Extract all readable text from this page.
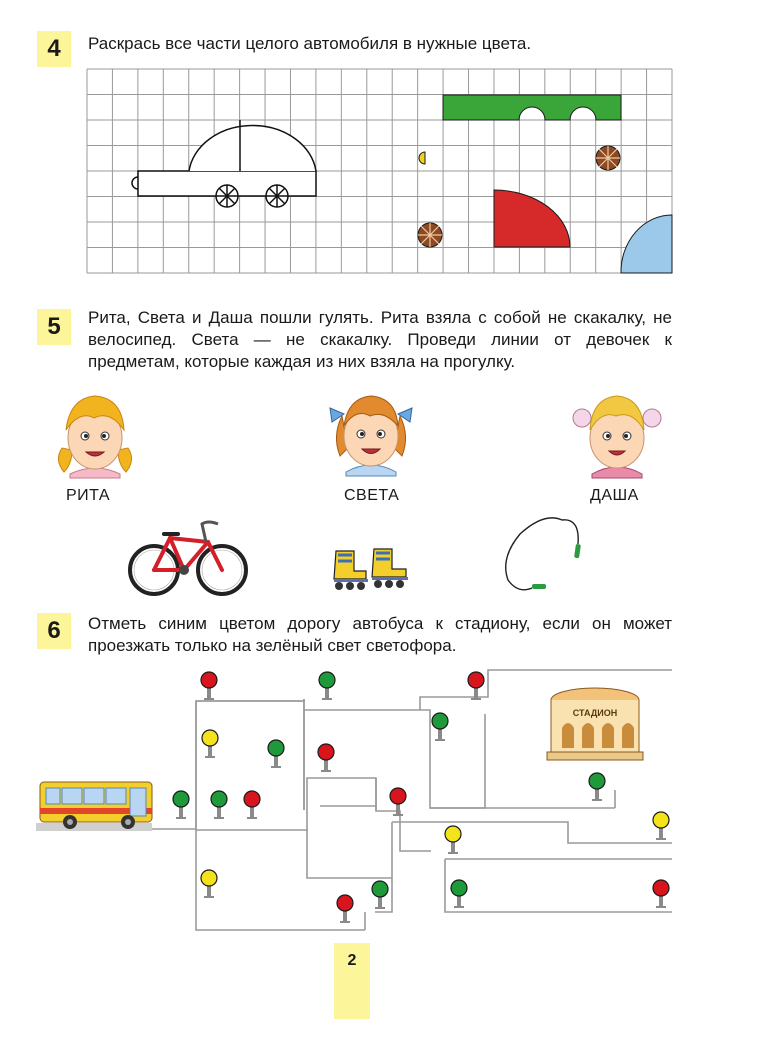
4	Раскрась все части целого автомобиля в нужные цвета.
5	Рита, Света и Даша пошли гулять. Рита взяла с собой не скакалку, не велосипед. Света — не скакалку. Проведи линии от девочек к предметам, которые каждая из них взяла на прогулку.
РИТА	СВЕТА	ДАША
6	Отметь синим цветом дорогу автобуса к стадиону, если он может проезжать только на зелёный свет светофора.
СТАДИОН
2
